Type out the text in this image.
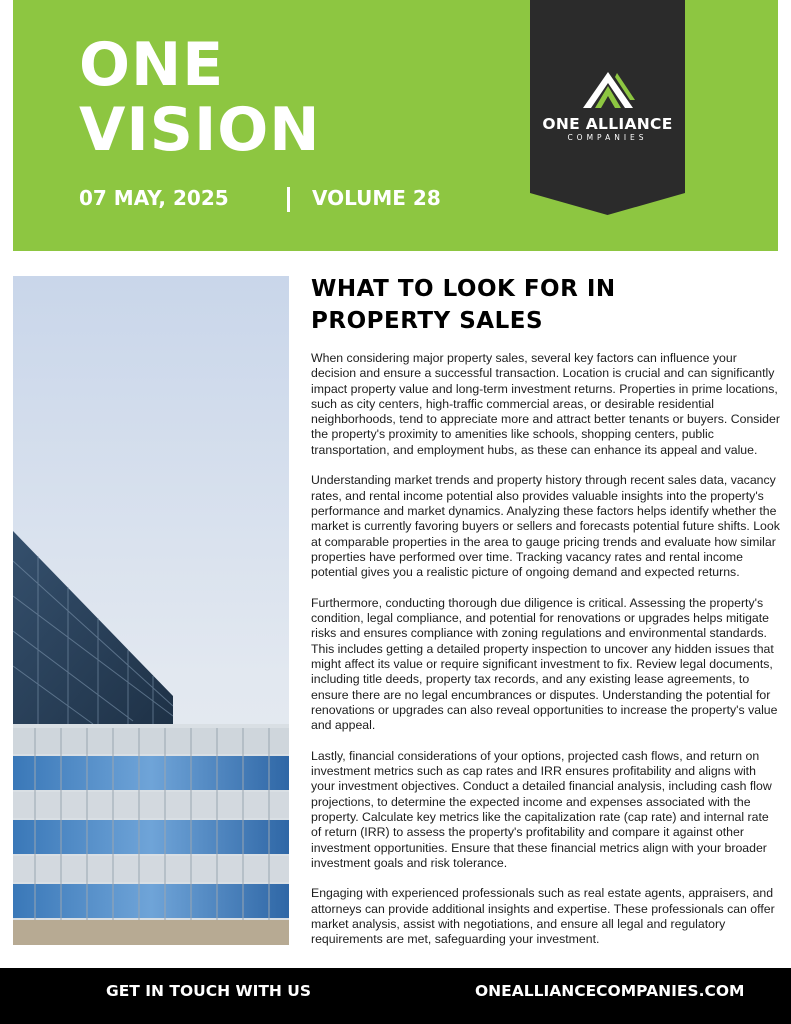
ONE
VISION
07 MAY, 2025	VOLUME 28
ONE ALLIANCE
COMPANIES
WHAT TO LOOK FOR IN
PROPERTY SALES

When considering major property sales, several key factors can influence your decision and ensure a successful transaction. Location is crucial and can significantly impact property value and long-term investment returns. Properties in prime locations, such as city centers, high-traffic commercial areas, or desirable residential neighborhoods, tend to appreciate more and attract better tenants or buyers. Consider the property's proximity to amenities like schools, shopping centers, public transportation, and employment hubs, as these can enhance its appeal and value.

Understanding market trends and property history through recent sales data, vacancy rates, and rental income potential also provides valuable insights into the property's performance and market dynamics. Analyzing these factors helps identify whether the market is currently favoring buyers or sellers and forecasts potential future shifts. Look at comparable properties in the area to gauge pricing trends and evaluate how similar properties have performed over time. Tracking vacancy rates and rental income potential gives you a realistic picture of ongoing demand and expected returns.

Furthermore, conducting thorough due diligence is critical. Assessing the property's condition, legal compliance, and potential for renovations or upgrades helps mitigate risks and ensures compliance with zoning regulations and environmental standards. This includes getting a detailed property inspection to uncover any hidden issues that might affect its value or require significant investment to fix. Review legal documents, including title deeds, property tax records, and any existing lease agreements, to ensure there are no legal encumbrances or disputes. Understanding the potential for renovations or upgrades can also reveal opportunities to increase the property's value and appeal.

Lastly, financial considerations of your options, projected cash flows, and return on investment metrics such as cap rates and IRR ensures profitability and aligns with your investment objectives. Conduct a detailed financial analysis, including cash flow projections, to determine the expected income and expenses associated with the property. Calculate key metrics like the capitalization rate (cap rate) and internal rate of return (IRR) to assess the property's profitability and compare it against other investment opportunities. Ensure that these financial metrics align with your broader investment goals and risk tolerance.

Engaging with experienced professionals such as real estate agents, appraisers, and attorneys can provide additional insights and expertise. These professionals can offer market analysis, assist with negotiations, and ensure all legal and regulatory requirements are met, safeguarding your investment.

GET IN TOUCH WITH US	ONEALLIANCECOMPANIES.COM
